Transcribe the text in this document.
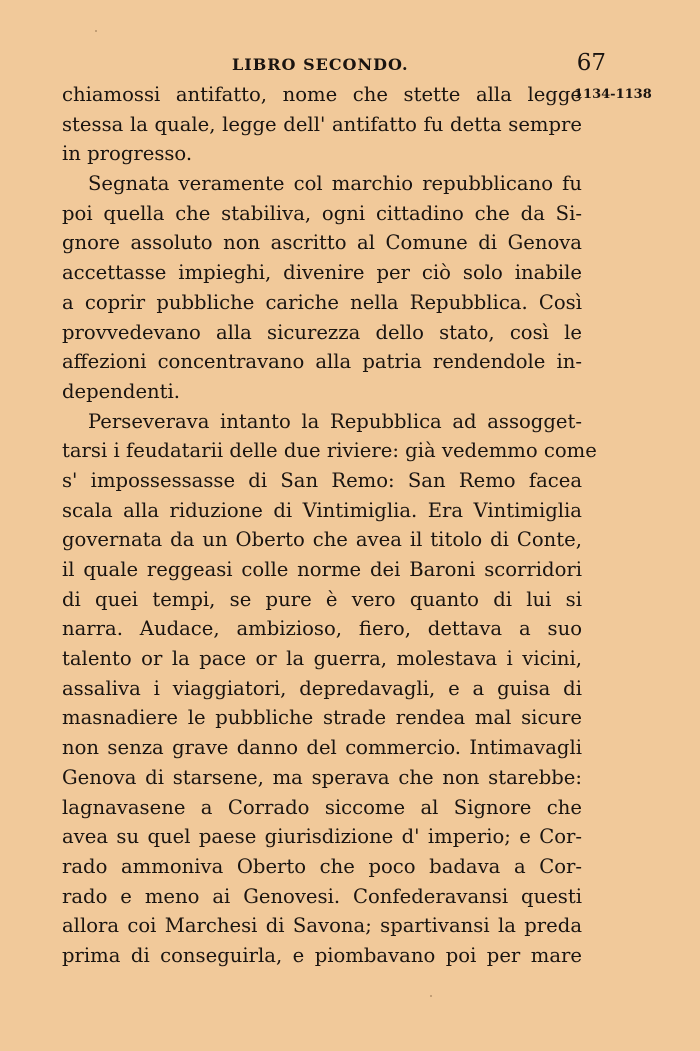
LIBRO SECONDO.	67
1134-1138
chiamossi antifatto, nome che stette alla legge
stessa la quale, legge dell' antifatto fu detta sempre
in progresso.
Segnata veramente col marchio repubblicano fu
poi quella che stabiliva, ogni cittadino che da Si-
gnore assoluto non ascritto al Comune di Genova
accettasse impieghi, divenire per ciò solo inabile
a coprir pubbliche cariche nella Repubblica. Così
provvedevano alla sicurezza dello stato, così le
affezioni concentravano alla patria rendendole in-
dependenti.
Perseverava intanto la Repubblica ad assogget-
tarsi i feudatarii delle due riviere: già vedemmo come
s' impossessasse di San Remo: San Remo facea
scala alla riduzione di Vintimiglia. Era Vintimiglia
governata da un Oberto che avea il titolo di Conte,
il quale reggeasi colle norme dei Baroni scorridori
di quei tempi, se pure è vero quanto di lui si
narra. Audace, ambizioso, fiero, dettava a suo
talento or la pace or la guerra, molestava i vicini,
assaliva i viaggiatori, depredavagli, e a guisa di
masnadiere le pubbliche strade rendea mal sicure
non senza grave danno del commercio. Intimavagli
Genova di starsene, ma sperava che non starebbe:
lagnavasene a Corrado siccome al Signore che
avea su quel paese giurisdizione d' imperio; e Cor-
rado ammoniva Oberto che poco badava a Cor-
rado e meno ai Genovesi. Confederavansi questi
allora coi Marchesi di Savona; spartivansi la preda
prima di conseguirla, e piombavano poi per mare
